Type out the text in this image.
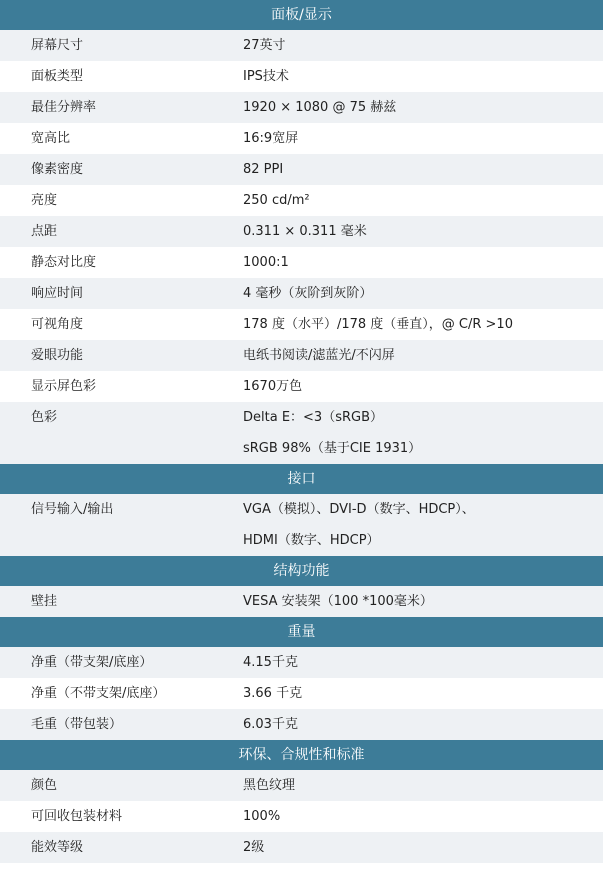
面板/显示
屏幕尺寸	27英寸
面板类型	IPS技术
最佳分辨率	1920 × 1080 @ 75 赫兹
宽高比	16:9宽屏
像素密度	82 PPI
亮度	250 cd/m²
点距	0.311 × 0.311 毫米
静态对比度	1000:1
响应时间	4 毫秒（灰阶到灰阶）
可视角度	178 度（水平）/178 度（垂直），@ C/R >10
爱眼功能	电纸书阅读/滤蓝光/不闪屏
显示屏色彩	1670万色
色彩	Delta E：<3（sRGB）
sRGB 98%（基于CIE 1931）
接口
信号输入/输出	VGA（模拟）、DVI-D（数字、HDCP）、
HDMI（数字、HDCP）
结构功能
壁挂	VESA 安装架（100 *100毫米）
重量
净重（带支架/底座）	4.15千克
净重（不带支架/底座）	3.66 千克
毛重（带包装）	6.03千克
环保、合规性和标准
颜色	黑色纹理
可回收包装材料	100%
能效等级	2级
